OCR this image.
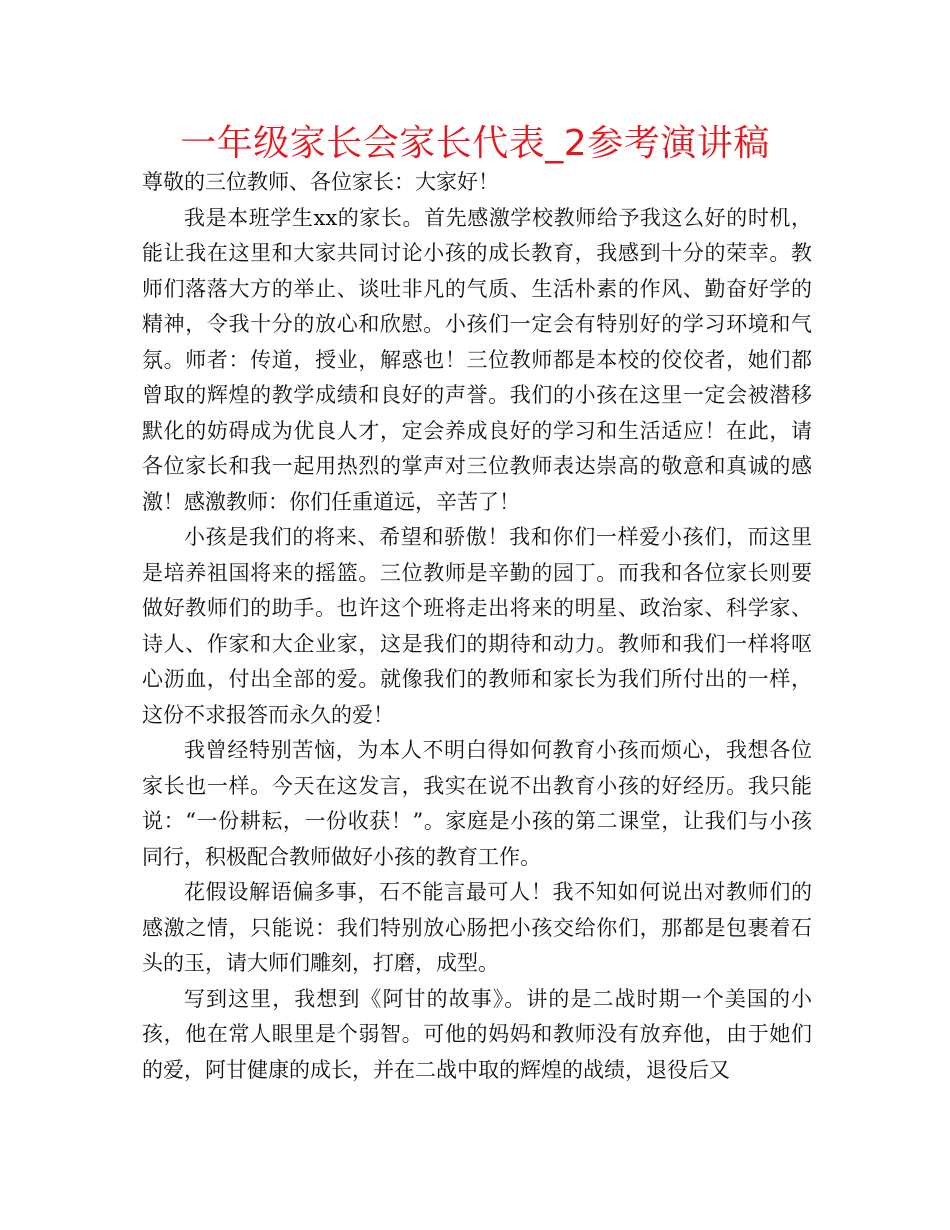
一年级家长会家长代表_2参考演讲稿

尊敬的三位教师、各位家长：大家好！

我是本班学生xx的家长。首先感激学校教师给予我这么好的时机，能让我在这里和大家共同讨论小孩的成长教育，我感到十分的荣幸。教师们落落大方的举止、谈吐非凡的气质、生活朴素的作风、勤奋好学的精神，令我十分的放心和欣慰。小孩们一定会有特别好的学习环境和气氛。师者：传道，授业，解惑也！三位教师都是本校的佼佼者，她们都曾取的辉煌的教学成绩和良好的声誉。我们的小孩在这里一定会被潜移默化的妨碍成为优良人才，定会养成良好的学习和生活适应！在此，请各位家长和我一起用热烈的掌声对三位教师表达崇高的敬意和真诚的感激！感激教师：你们任重道远，辛苦了！

小孩是我们的将来、希望和骄傲！我和你们一样爱小孩们，而这里是培养祖国将来的摇篮。三位教师是辛勤的园丁。而我和各位家长则要做好教师们的助手。也许这个班将走出将来的明星、政治家、科学家、诗人、作家和大企业家，这是我们的期待和动力。教师和我们一样将呕心沥血，付出全部的爱。就像我们的教师和家长为我们所付出的一样，这份不求报答而永久的爱！

我曾经特别苦恼，为本人不明白得如何教育小孩而烦心，我想各位家长也一样。今天在这发言，我实在说不出教育小孩的好经历。我只能说：“一份耕耘，一份收获！”。家庭是小孩的第二课堂，让我们与小孩同行，积极配合教师做好小孩的教育工作。

花假设解语偏多事，石不能言最可人！我不知如何说出对教师们的感激之情，只能说：我们特别放心肠把小孩交给你们，那都是包裹着石头的玉，请大师们雕刻，打磨，成型。

写到这里，我想到《阿甘的故事》。讲的是二战时期一个美国的小孩，他在常人眼里是个弱智。可他的妈妈和教师没有放弃他，由于她们的爱，阿甘健康的成长，并在二战中取的辉煌的战绩，退役后又
